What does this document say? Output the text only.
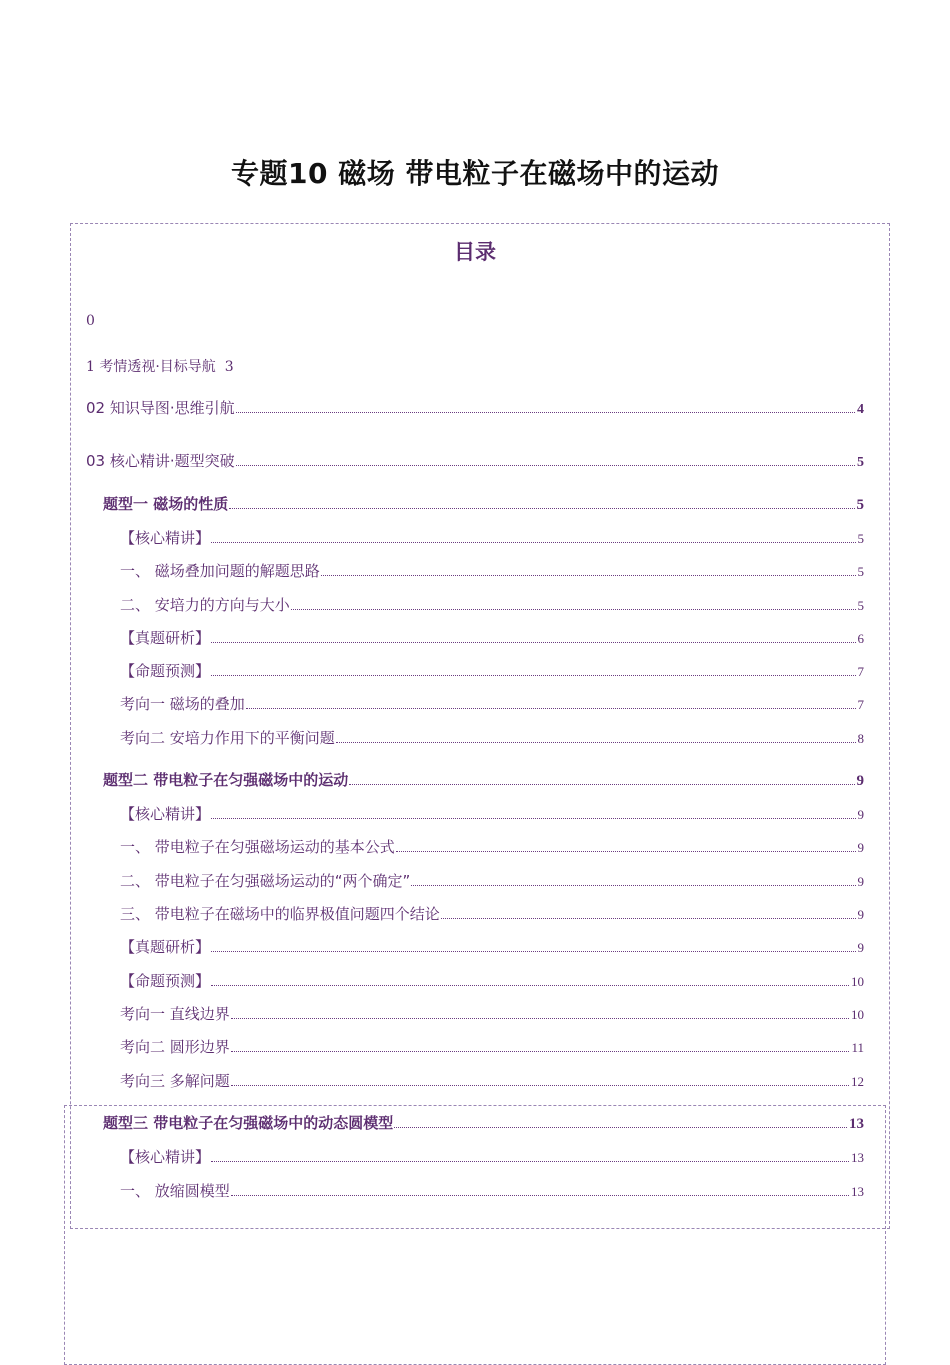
专题10 磁场 带电粒子在磁场中的运动
目录
0
1 考情透视·目标导航  3
02 知识导图·思维引航	4
03 核心精讲·题型突破	5
题型一 磁场的性质	5
【核心精讲】	5
一、 磁场叠加问题的解题思路	5
二、 安培力的方向与大小	5
【真题研析】	6
【命题预测】	7
考向一 磁场的叠加	7
考向二 安培力作用下的平衡问题	8
题型二 带电粒子在匀强磁场中的运动	9
【核心精讲】	9
一、 带电粒子在匀强磁场运动的基本公式	9
二、 带电粒子在匀强磁场运动的“两个确定”	9
三、 带电粒子在磁场中的临界极值问题四个结论	9
【真题研析】	9
【命题预测】	10
考向一 直线边界	10
考向二 圆形边界	11
考向三 多解问题	12
题型三 带电粒子在匀强磁场中的动态圆模型	13
【核心精讲】	13
一、 放缩圆模型	13
